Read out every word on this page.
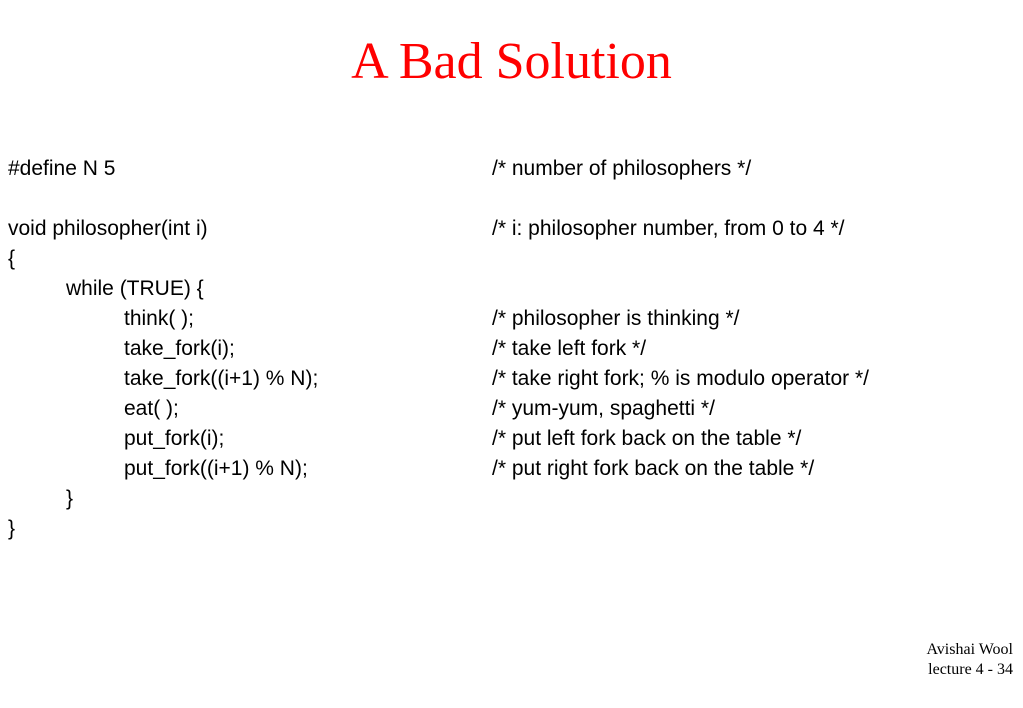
A Bad Solution

#define N 5

	/* number of philosophers */

void philosopher(int i)

	/* i: philosopher number, from 0 to 4 */

{

while (TRUE) {

think( );

	/* philosopher is thinking */

take_fork(i);

	/* take left fork */

take_fork((i+1) % N);

	/* take right fork; % is modulo operator */

eat( );

	/* yum-yum, spaghetti */

put_fork(i);

	/* put left fork back on the table */

put_fork((i+1) % N);

	/* put right fork back on the table */

}

}

Avishai Wool
lecture 4 - 34
